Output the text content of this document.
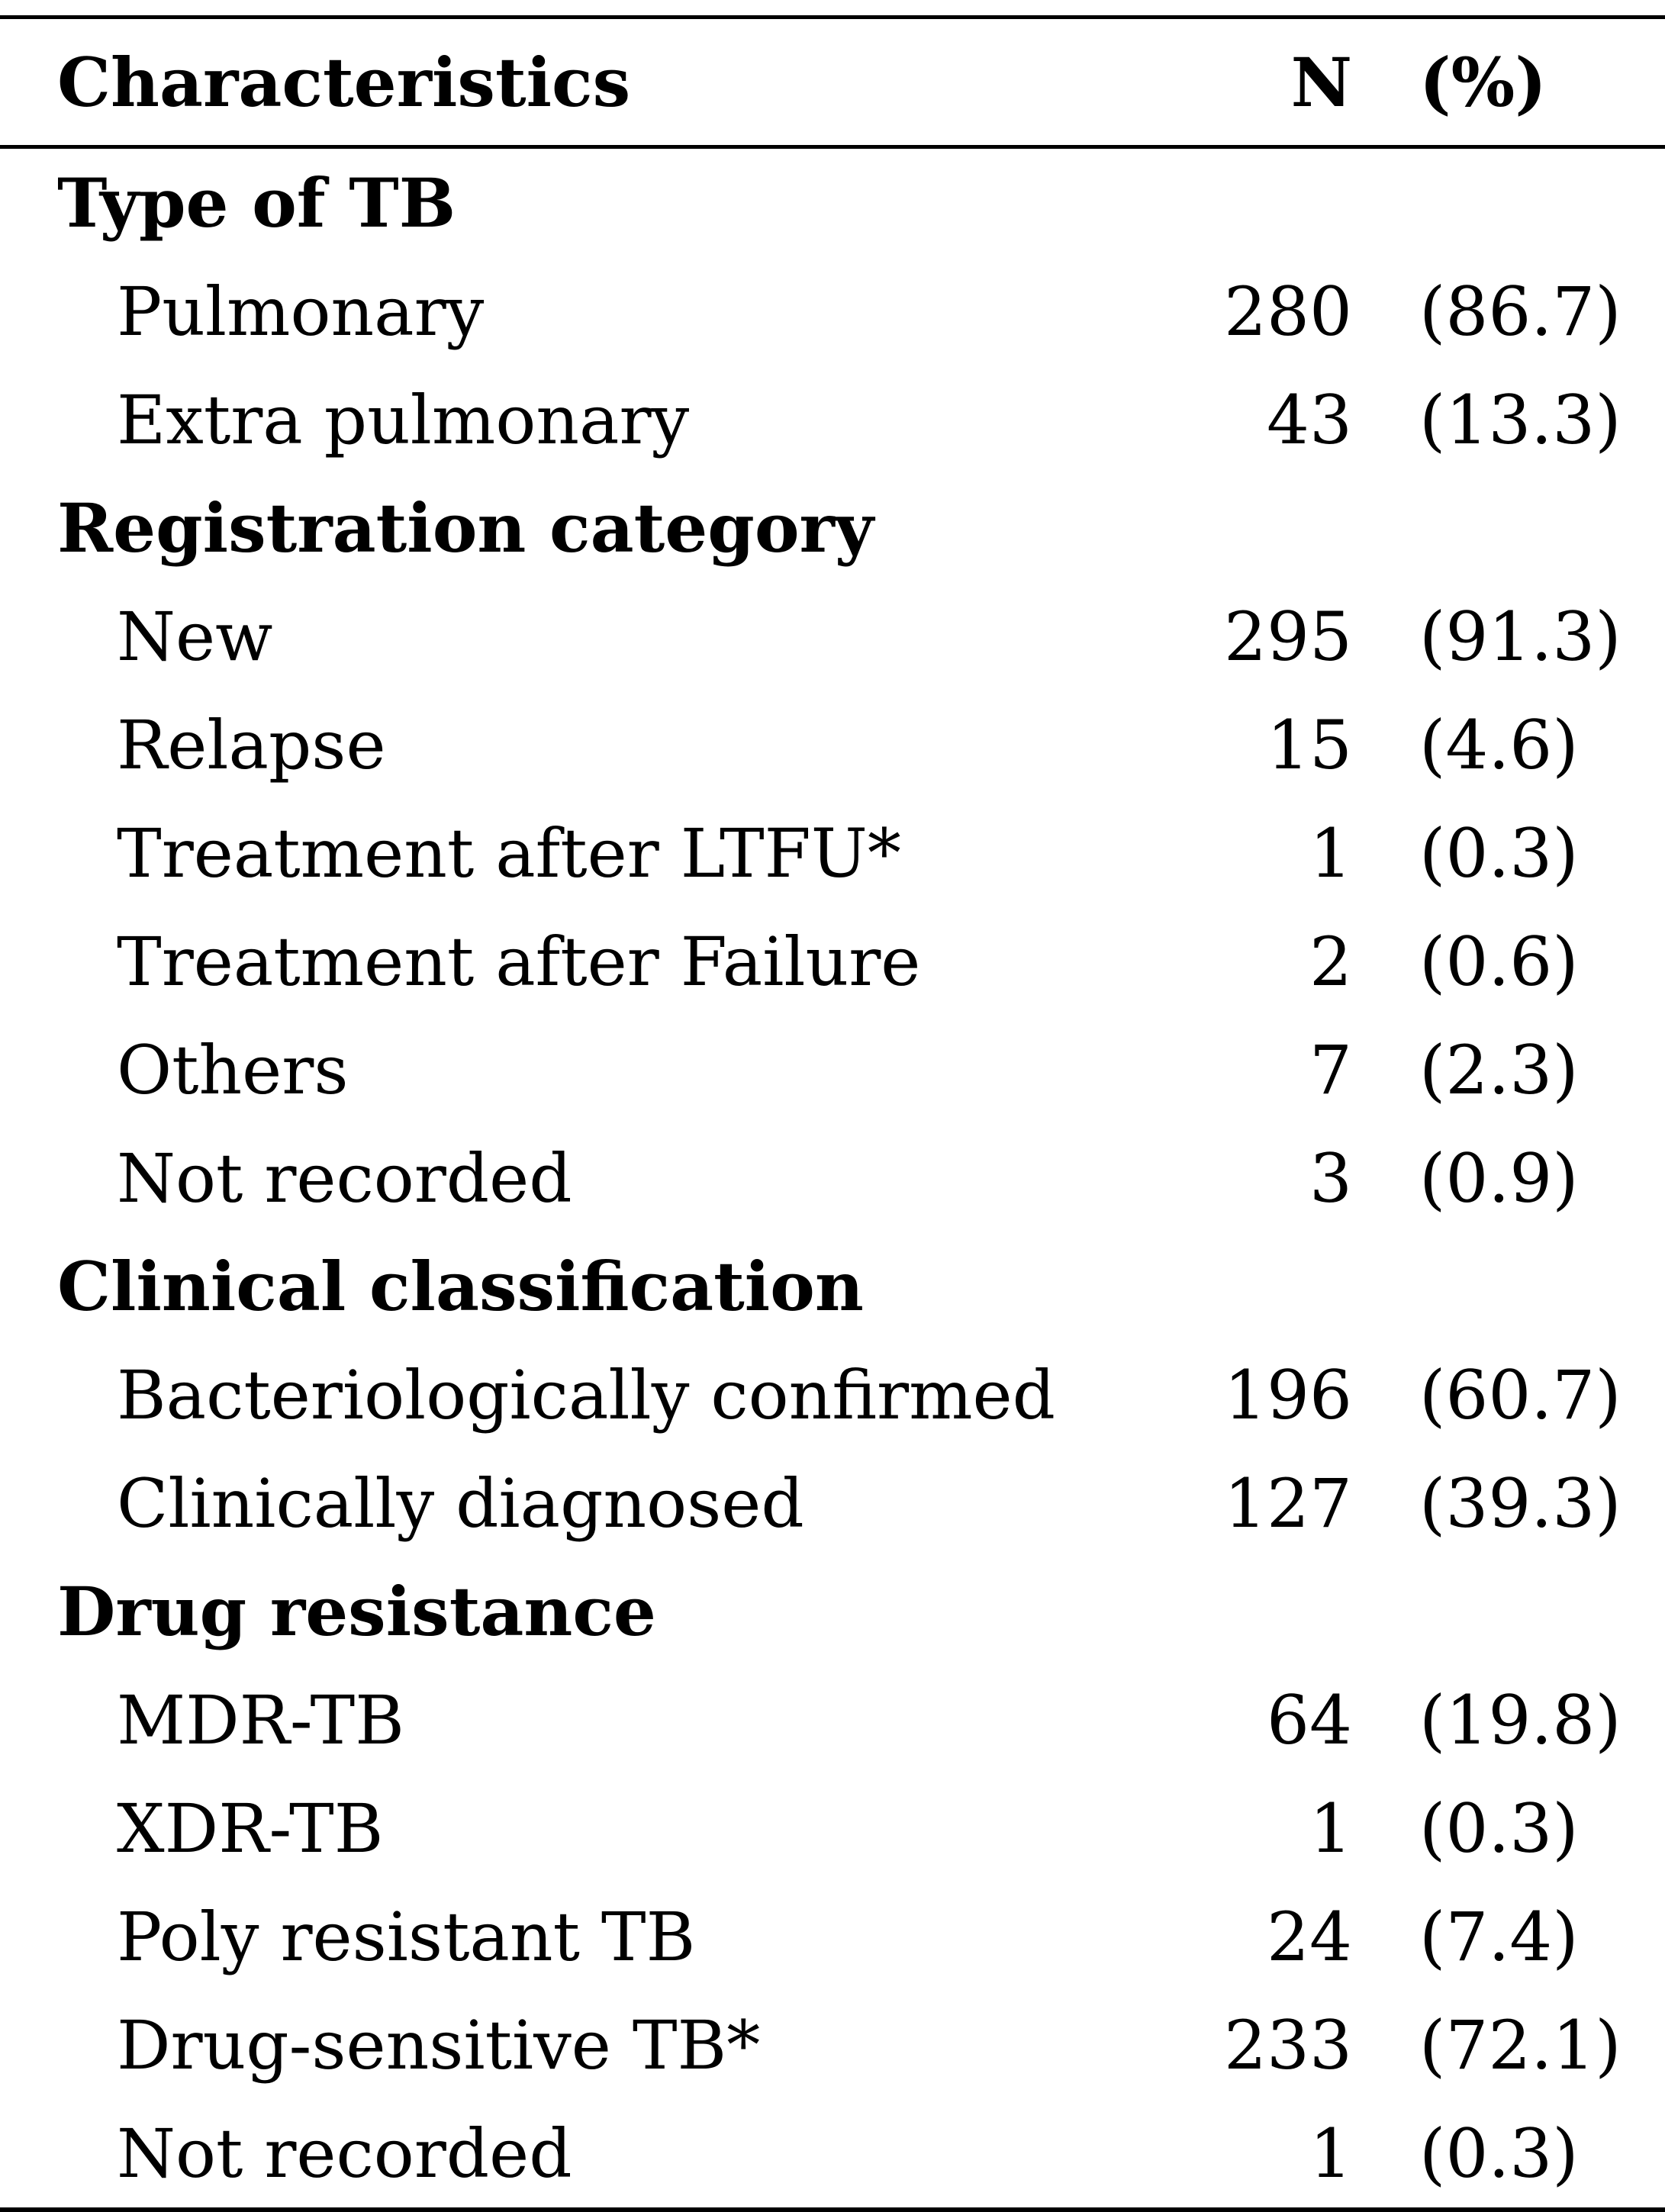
Characteristics	N	(%)
Type of TB
Pulmonary	280	(86.7)
Extra pulmonary	43	(13.3)
Registration category
New	295	(91.3)
Relapse	15	(4.6)
Treatment after LTFU*	1	(0.3)
Treatment after Failure	2	(0.6)
Others	7	(2.3)
Not recorded	3	(0.9)
Clinical classification
Bacteriologically confirmed	196	(60.7)
Clinically diagnosed	127	(39.3)
Drug resistance
MDR-TB	64	(19.8)
XDR-TB	1	(0.3)
Poly resistant TB	24	(7.4)
Drug-sensitive TB*	233	(72.1)
Not recorded	1	(0.3)
